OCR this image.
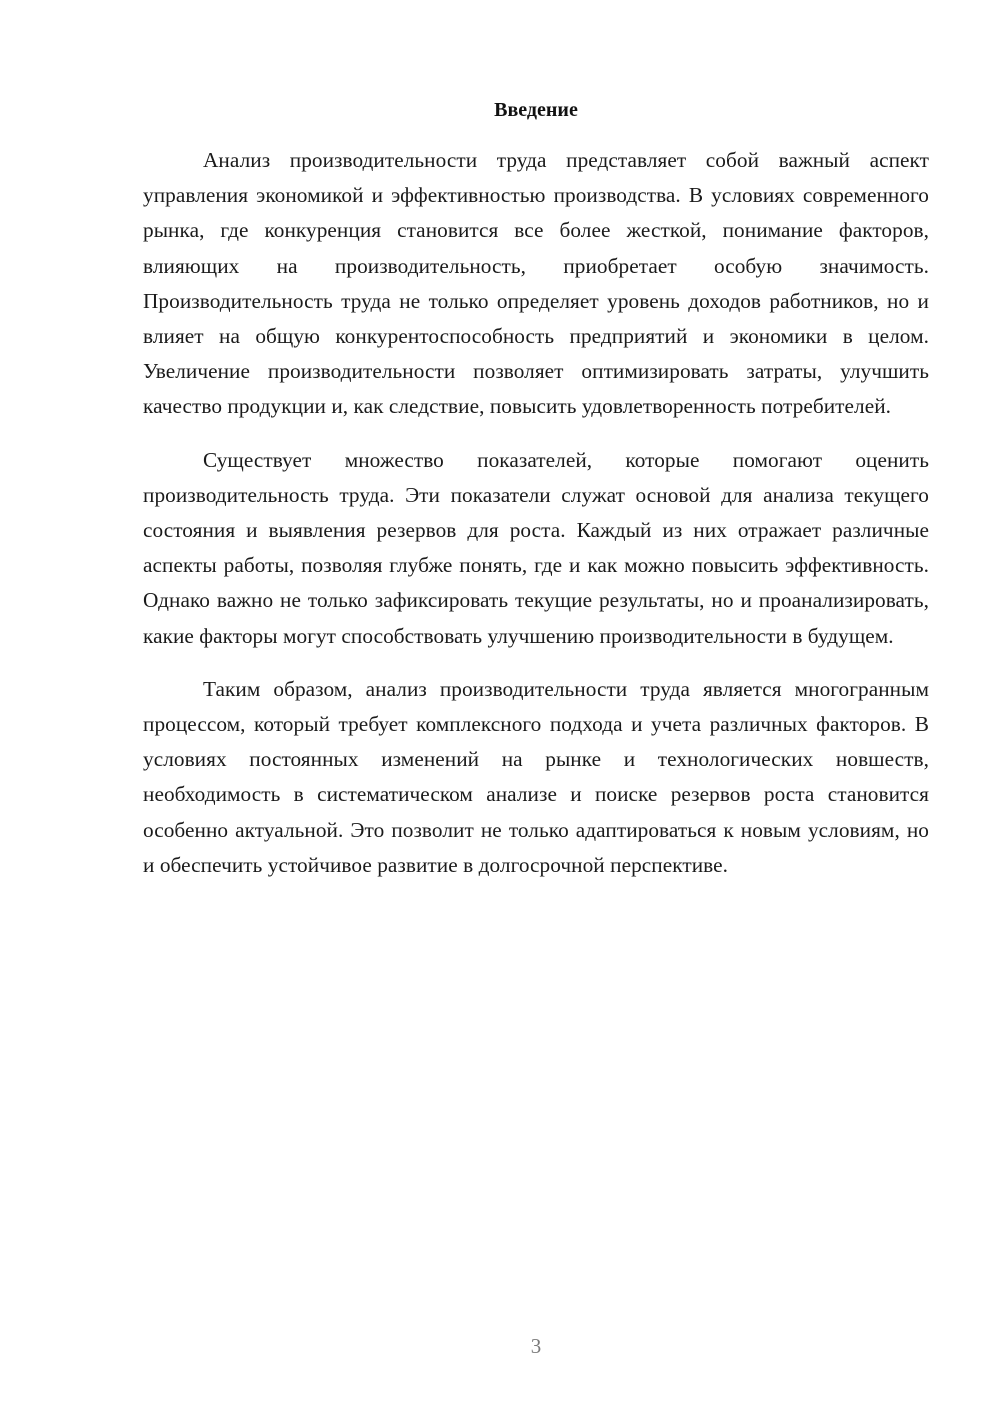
Введение

Анализ производительности труда представляет собой важный аспект управления экономикой и эффективностью производства. В условиях современного рынка, где конкуренция становится все более жесткой, понимание факторов, влияющих на производительность, приобретает особую значимость. Производительность труда не только определяет уровень доходов работников, но и влияет на общую конкурентоспособность предприятий и экономики в целом. Увеличение производительности позволяет оптимизировать затраты, улучшить качество продукции и, как следствие, повысить удовлетворенность потребителей.

Существует множество показателей, которые помогают оценить производительность труда. Эти показатели служат основой для анализа текущего состояния и выявления резервов для роста. Каждый из них отражает различные аспекты работы, позволяя глубже понять, где и как можно повысить эффективность. Однако важно не только зафиксировать текущие результаты, но и проанализировать, какие факторы могут способствовать улучшению производительности в будущем.

Таким образом, анализ производительности труда является многогранным процессом, который требует комплексного подхода и учета различных факторов. В условиях постоянных изменений на рынке и технологических новшеств, необходимость в систематическом анализе и поиске резервов роста становится особенно актуальной. Это позволит не только адаптироваться к новым условиям, но и обеспечить устойчивое развитие в долгосрочной перспективе.

3
